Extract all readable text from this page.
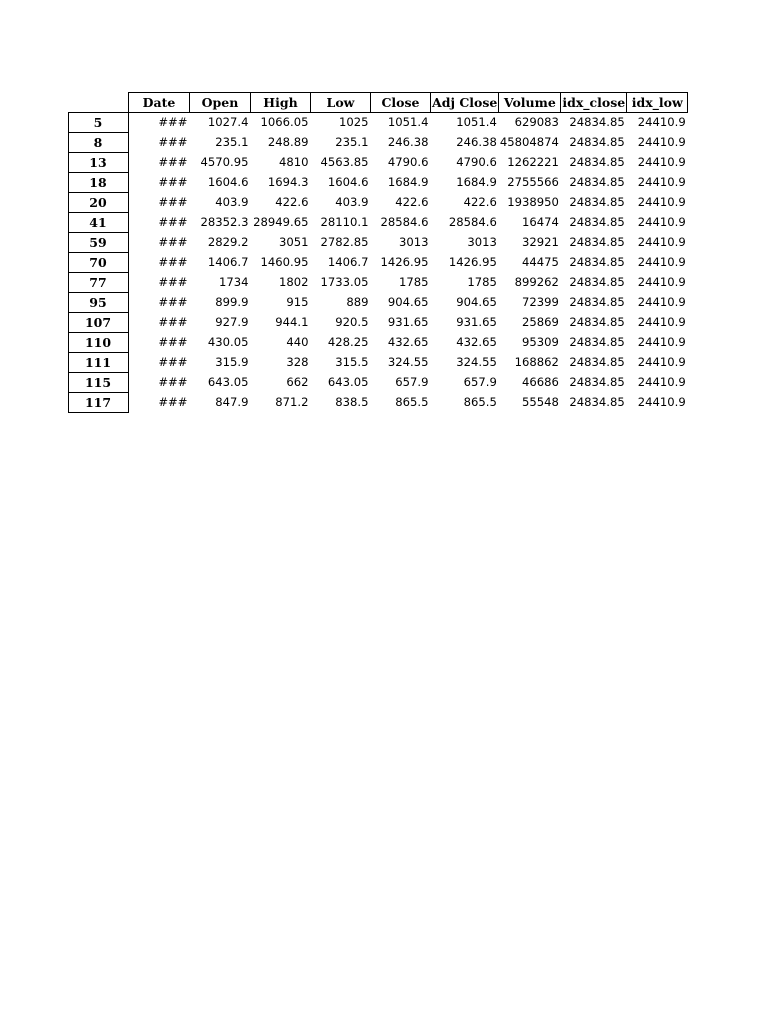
	Date	Open	High	Low	Close	Adj Close	Volume	idx_close	idx_low
5	###	1027.4	1066.05	1025	1051.4	1051.4	629083	24834.85	24410.9
8	###	235.1	248.89	235.1	246.38	246.38	45804874	24834.85	24410.9
13	###	4570.95	4810	4563.85	4790.6	4790.6	1262221	24834.85	24410.9
18	###	1604.6	1694.3	1604.6	1684.9	1684.9	2755566	24834.85	24410.9
20	###	403.9	422.6	403.9	422.6	422.6	1938950	24834.85	24410.9
41	###	28352.3	28949.65	28110.1	28584.6	28584.6	16474	24834.85	24410.9
59	###	2829.2	3051	2782.85	3013	3013	32921	24834.85	24410.9
70	###	1406.7	1460.95	1406.7	1426.95	1426.95	44475	24834.85	24410.9
77	###	1734	1802	1733.05	1785	1785	899262	24834.85	24410.9
95	###	899.9	915	889	904.65	904.65	72399	24834.85	24410.9
107	###	927.9	944.1	920.5	931.65	931.65	25869	24834.85	24410.9
110	###	430.05	440	428.25	432.65	432.65	95309	24834.85	24410.9
111	###	315.9	328	315.5	324.55	324.55	168862	24834.85	24410.9
115	###	643.05	662	643.05	657.9	657.9	46686	24834.85	24410.9
117	###	847.9	871.2	838.5	865.5	865.5	55548	24834.85	24410.9
